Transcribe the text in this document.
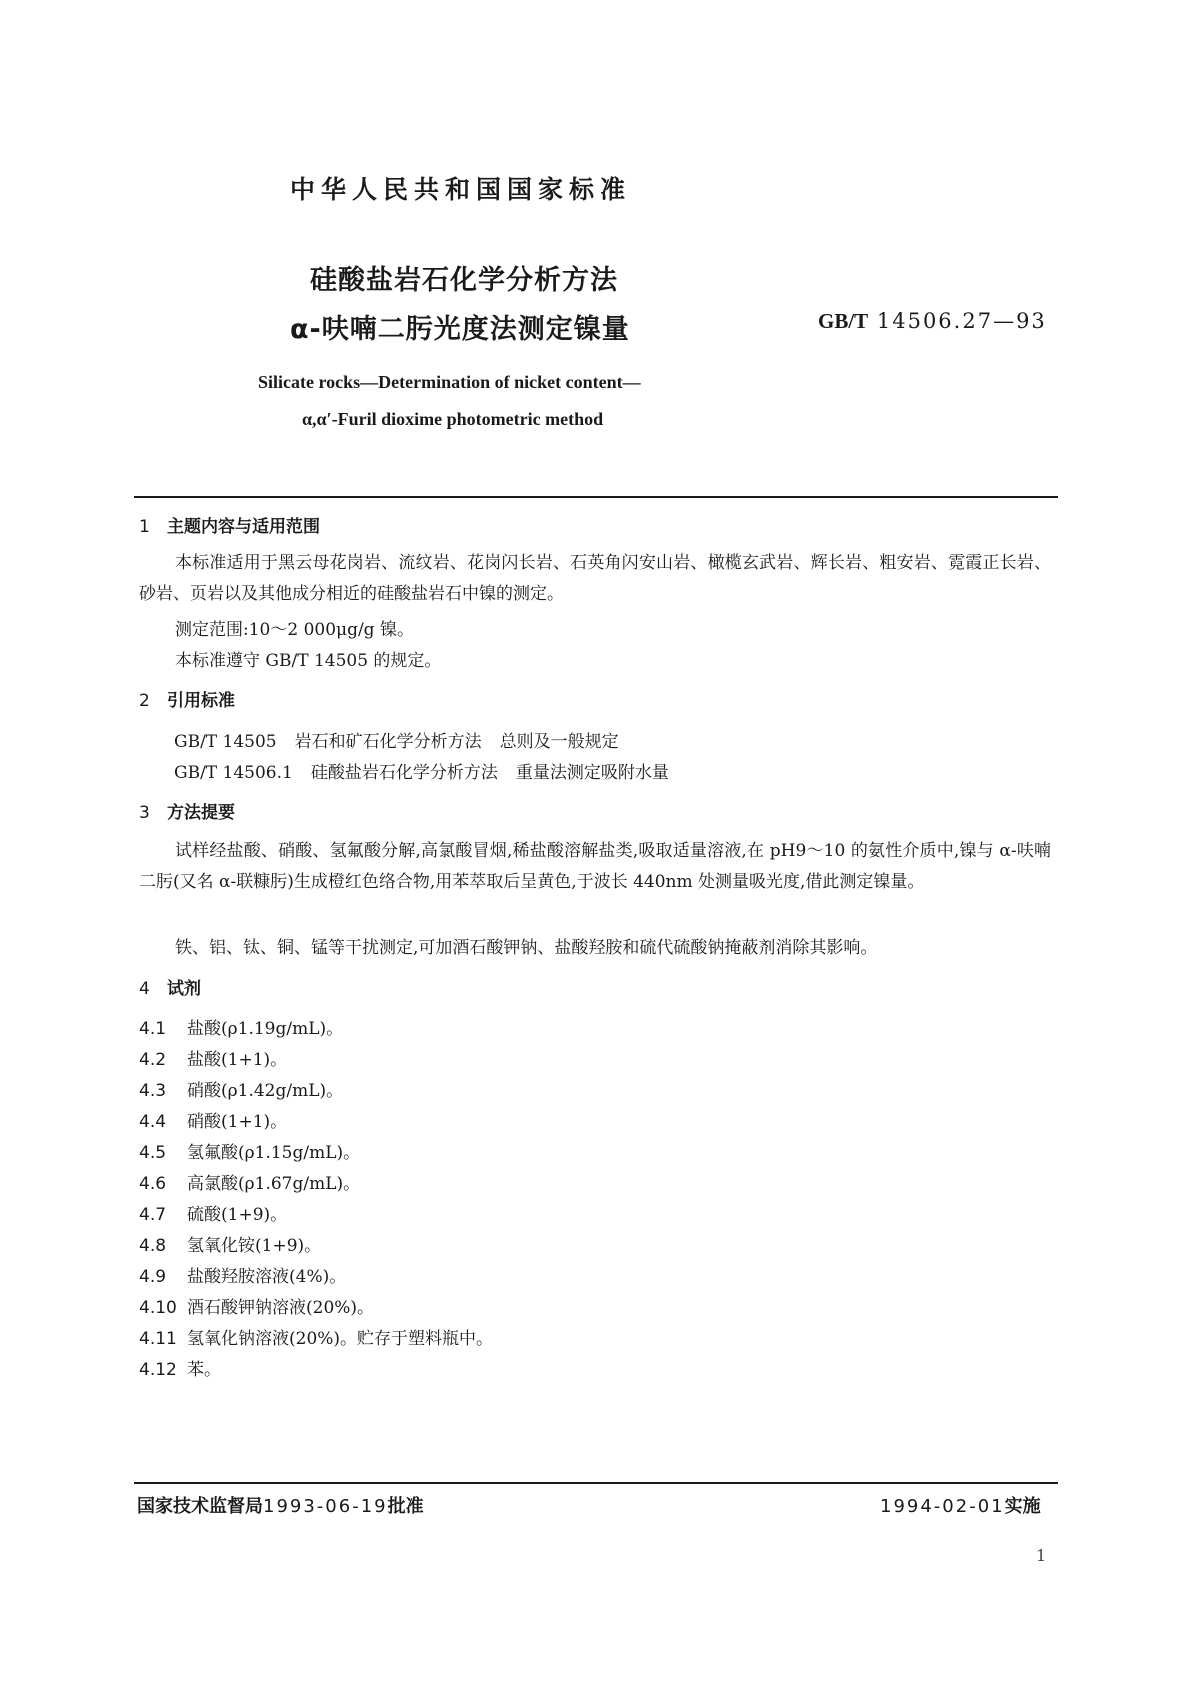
中华人民共和国国家标准
硅酸盐岩石化学分析方法
α-呋喃二肟光度法测定镍量	GB/T 14506.27—93
Silicate rocks—Determination of nicket content—
α,α′-Furil dioxime photometric method
1 主题内容与适用范围
本标准适用于黑云母花岗岩、流纹岩、花岗闪长岩、石英角闪安山岩、橄榄玄武岩、辉长岩、粗安岩、霓霞正长岩、砂岩、页岩以及其他成分相近的硅酸盐岩石中镍的测定。
测定范围:10～2 000μg/g 镍。
本标准遵守 GB/T 14505 的规定。
2 引用标准
GB/T 14505 岩石和矿石化学分析方法 总则及一般规定
GB/T 14506.1 硅酸盐岩石化学分析方法 重量法测定吸附水量
3 方法提要
试样经盐酸、硝酸、氢氟酸分解,高氯酸冒烟,稀盐酸溶解盐类,吸取适量溶液,在 pH9～10 的氨性介质中,镍与 α-呋喃二肟(又名 α-联糠肟)生成橙红色络合物,用苯萃取后呈黄色,于波长 440nm 处测量吸光度,借此测定镍量。
铁、铝、钛、铜、锰等干扰测定,可加酒石酸钾钠、盐酸羟胺和硫代硫酸钠掩蔽剂消除其影响。
4 试剂
4.1 盐酸(ρ1.19g/mL)。
4.2 盐酸(1+1)。
4.3 硝酸(ρ1.42g/mL)。
4.4 硝酸(1+1)。
4.5 氢氟酸(ρ1.15g/mL)。
4.6 高氯酸(ρ1.67g/mL)。
4.7 硫酸(1+9)。
4.8 氢氧化铵(1+9)。
4.9 盐酸羟胺溶液(4%)。
4.10 酒石酸钾钠溶液(20%)。
4.11 氢氧化钠溶液(20%)。贮存于塑料瓶中。
4.12 苯。
国家技术监督局1993-06-19批准	1994-02-01实施
1
